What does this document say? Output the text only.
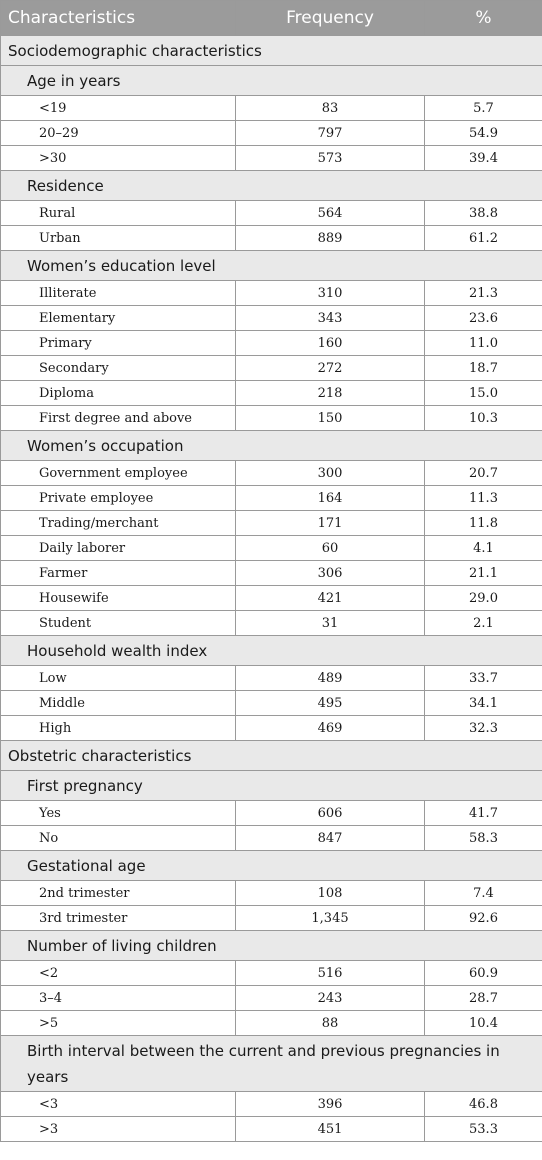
Characteristics	Frequency	%
Sociodemographic characteristics		
Age in years		
<19	83	5.7
20–29	797	54.9
>30	573	39.4
Residence		
Rural	564	38.8
Urban	889	61.2
Women’s education level		
Illiterate	310	21.3
Elementary	343	23.6
Primary	160	11.0
Secondary	272	18.7
Diploma	218	15.0
First degree and above	150	10.3
Women’s occupation		
Government employee	300	20.7
Private employee	164	11.3
Trading/merchant	171	11.8
Daily laborer	60	4.1
Farmer	306	21.1
Housewife	421	29.0
Student	31	2.1
Household wealth index		
Low	489	33.7
Middle	495	34.1
High	469	32.3
Obstetric characteristics		
First pregnancy		
Yes	606	41.7
No	847	58.3
Gestational age		
2nd trimester	108	7.4
3rd trimester	1,345	92.6
Number of living children		
<2	516	60.9
3–4	243	28.7
>5	88	10.4
Birth interval between the current and previous pregnancies in years		
<3	396	46.8
>3	451	53.3
